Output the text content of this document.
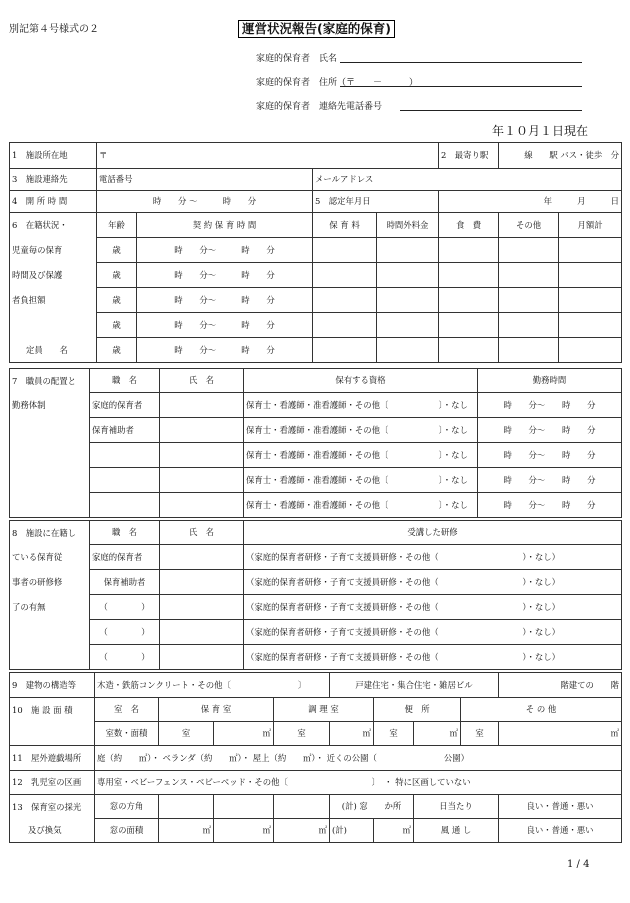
別記第４号様式の２	運営状況報告(家庭的保育)
家庭的保育者　氏名
家庭的保育者　住所（〒　　－　　　）
家庭的保育者　連絡先電話番号
年１０月１日現在
1　施設所在地	〒				2　最寄り駅	線　　駅 バス・徒歩　分	
3　施設連絡先	電話番号		メールアドレス				
4　開 所 時 間	時　　分 ～　　　時　　分		5　認定年月日		年　　　月　　　日		
6　在籍状況・	年齢	契 約 保 育 時 間	保 育 料	時間外料金	食　費	その他	月額計
児童毎の保育	歳	時　　分～　　　時　　分					
時間及び保護	歳	時　　分～　　　時　　分					
者負担額	歳	時　　分～　　　時　　分					
	歳	時　　分～　　　時　　分					
定員　　名	歳	時　　分～　　　時　　分					
7　職員の配置と	職　名	氏　名	保有する資格	勤務時間
勤務体制	家庭的保育者		保育士・看護師・准看護師・その他〔　　　　　　〕・なし	時　　分～　　時　　分
	保育補助者		保育士・看護師・准看護師・その他〔　　　　　　〕・なし	時　　分～　　時　　分
			保育士・看護師・准看護師・その他〔　　　　　　〕・なし	時　　分～　　時　　分
			保育士・看護師・准看護師・その他〔　　　　　　〕・なし	時　　分～　　時　　分
			保育士・看護師・准看護師・その他〔　　　　　　〕・なし	時　　分～　　時　　分
8　施設に在籍し	職　名	氏　名	受講した研修
ている保育従	家庭的保育者		（家庭的保育者研修・子育て支援員研修・その他（　　　　　　　　　　）・なし）
事者の研修修	保育補助者		（家庭的保育者研修・子育て支援員研修・その他（　　　　　　　　　　）・なし）
了の有無	（　　　　）		（家庭的保育者研修・子育て支援員研修・その他（　　　　　　　　　　）・なし）
	（　　　　）		（家庭的保育者研修・子育て支援員研修・その他（　　　　　　　　　　）・なし）
	（　　　　）		（家庭的保育者研修・子育て支援員研修・その他（　　　　　　　　　　）・なし）
9　建物の構造等	木造・鉄筋コンクリート・その他〔　　　　　　　　〕				戸建住宅・集合住宅・雑居ビル				階建ての　　階
10　施 設 面 積	室　名	保 育 室		調 理 室		便　所		そ の 他	
	室数・面積	室	㎡	室	㎡	室	㎡	室	㎡
11　屋外遊戯場所	庭（約　　㎡）・ ベランダ（約　　㎡）・ 屋上（約　　㎡）・ 近くの公園（　　　　　　　　公園）								
12　乳児室の区画	専用室・ベビーフェンス・ベビーベッド・その他〔　　　　　　　　　　〕　・ 特に区画していない								
13　保育室の採光	窓の方角				(計) 窓　　か所		日当たり		良い・普通・悪い
及び換気	窓の面積	㎡	㎡	㎡	(計)	㎡	風 通 し		良い・普通・悪い
1 / 4
